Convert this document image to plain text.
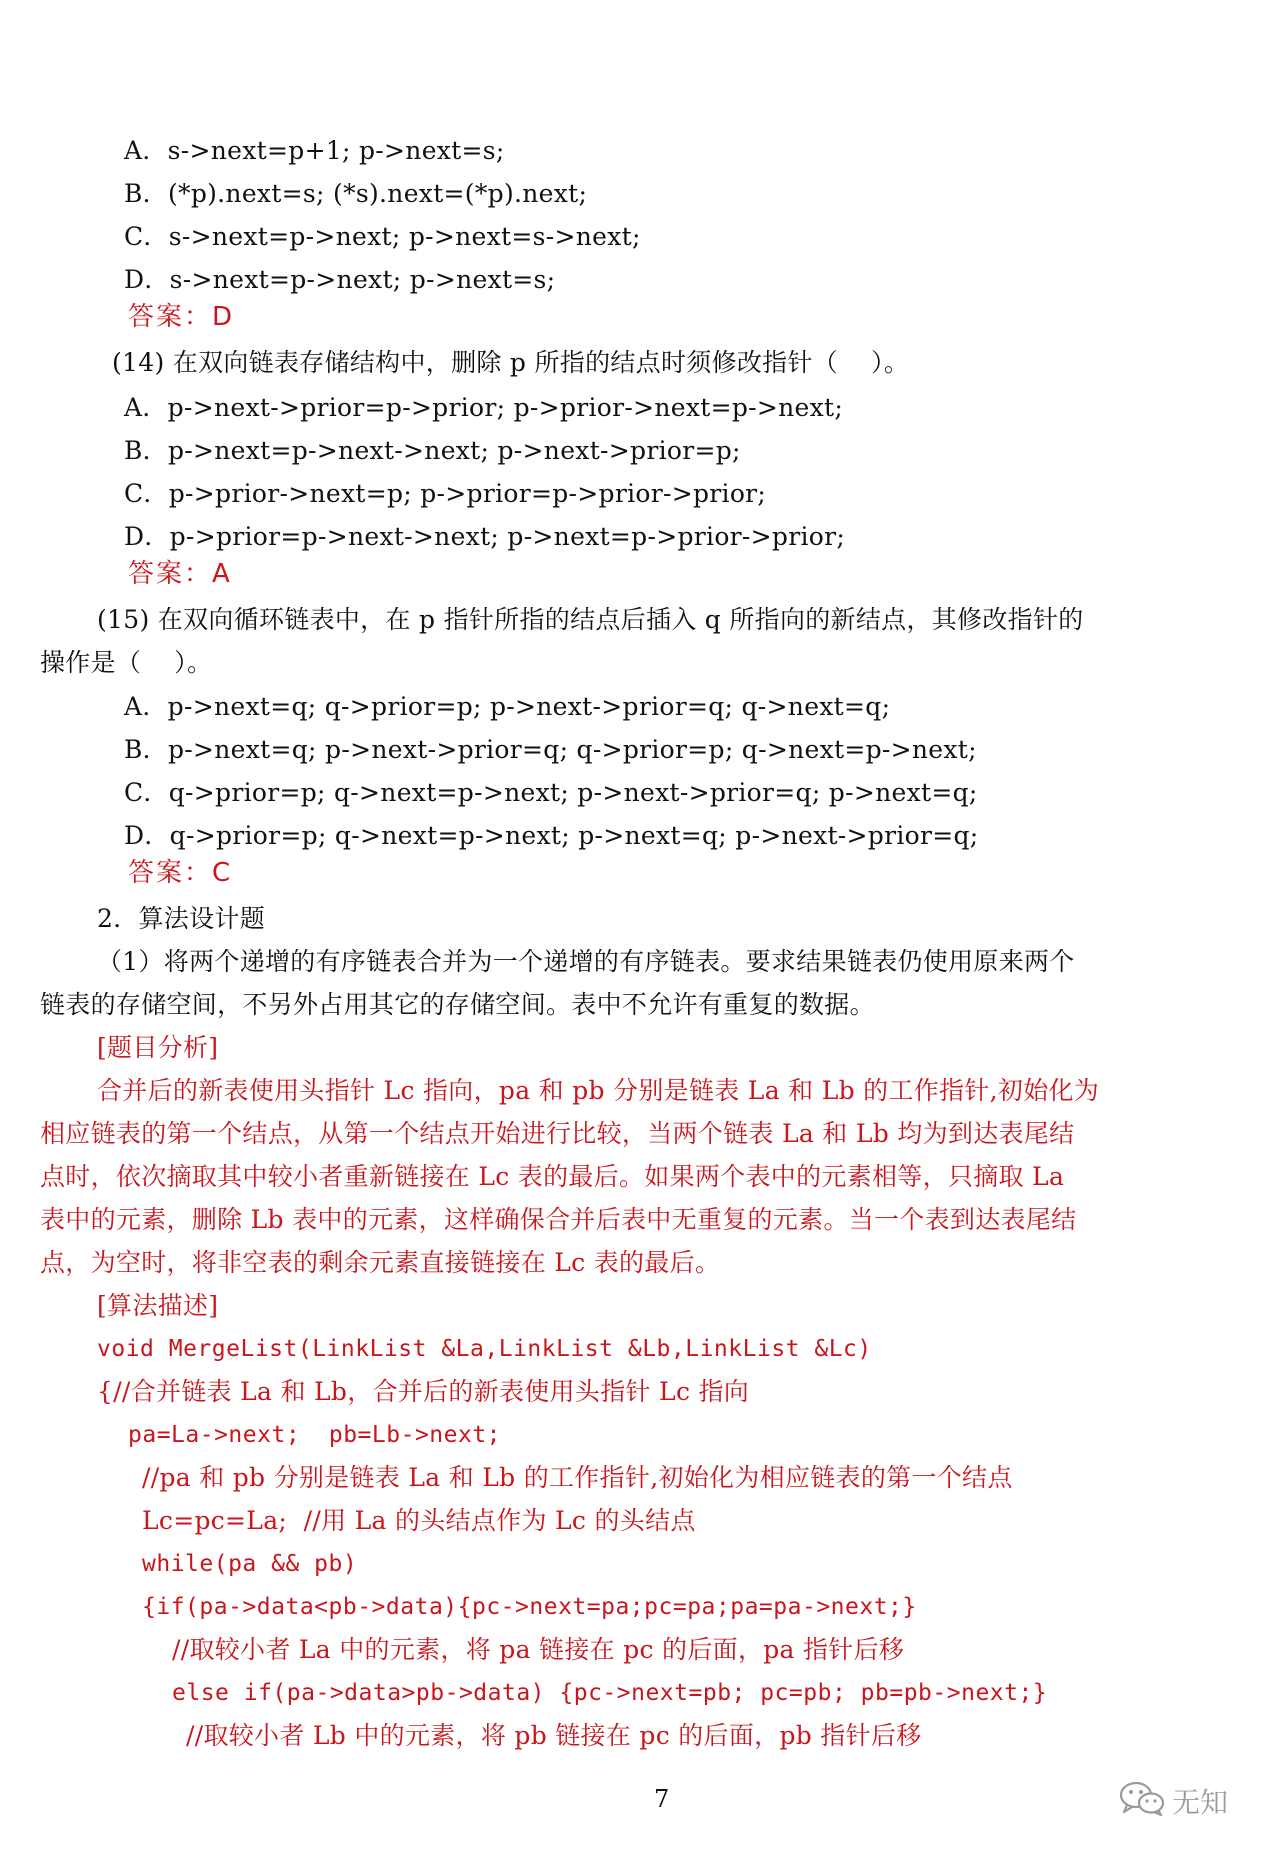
A．s->next=p+1; p->next=s;
B．(*p).next=s; (*s).next=(*p).next;
C．s->next=p->next; p->next=s->next;
D．s->next=p->next; p->next=s;
答案：D
(14) 在双向链表存储结构中，删除 p 所指的结点时须修改指针（    ）。
A．p->next->prior=p->prior; p->prior->next=p->next;
B．p->next=p->next->next; p->next->prior=p;
C．p->prior->next=p; p->prior=p->prior->prior;
D．p->prior=p->next->next; p->next=p->prior->prior;
答案：A
(15) 在双向循环链表中，在 p 指针所指的结点后插入 q 所指向的新结点，其修改指针的
操作是（    ）。
A．p->next=q; q->prior=p; p->next->prior=q; q->next=q;
B．p->next=q; p->next->prior=q; q->prior=p; q->next=p->next;
C．q->prior=p; q->next=p->next; p->next->prior=q; p->next=q;
D．q->prior=p; q->next=p->next; p->next=q; p->next->prior=q;
答案：C
2．算法设计题
（1）将两个递增的有序链表合并为一个递增的有序链表。要求结果链表仍使用原来两个
链表的存储空间，不另外占用其它的存储空间。表中不允许有重复的数据。
[题目分析]
合并后的新表使用头指针 Lc 指向，pa 和 pb 分别是链表 La 和 Lb 的工作指针,初始化为
相应链表的第一个结点，从第一个结点开始进行比较，当两个链表 La 和 Lb 均为到达表尾结
点时，依次摘取其中较小者重新链接在 Lc 表的最后。如果两个表中的元素相等，只摘取 La
表中的元素，删除 Lb 表中的元素，这样确保合并后表中无重复的元素。当一个表到达表尾结
点，为空时，将非空表的剩余元素直接链接在 Lc 表的最后。
[算法描述]
void MergeList(LinkList &La,LinkList &Lb,LinkList &Lc)
{//合并链表 La 和 Lb，合并后的新表使用头指针 Lc 指向
pa=La->next;  pb=Lb->next;
//pa 和 pb 分别是链表 La 和 Lb 的工作指针,初始化为相应链表的第一个结点
Lc=pc=La;  //用 La 的头结点作为 Lc 的头结点
while(pa && pb)
{if(pa->data<pb->data){pc->next=pa;pc=pa;pa=pa->next;}
//取较小者 La 中的元素，将 pa 链接在 pc 的后面，pa 指针后移
else if(pa->data>pb->data) {pc->next=pb; pc=pb; pb=pb->next;}
//取较小者 Lb 中的元素，将 pb 链接在 pc 的后面，pb 指针后移
7	无知
